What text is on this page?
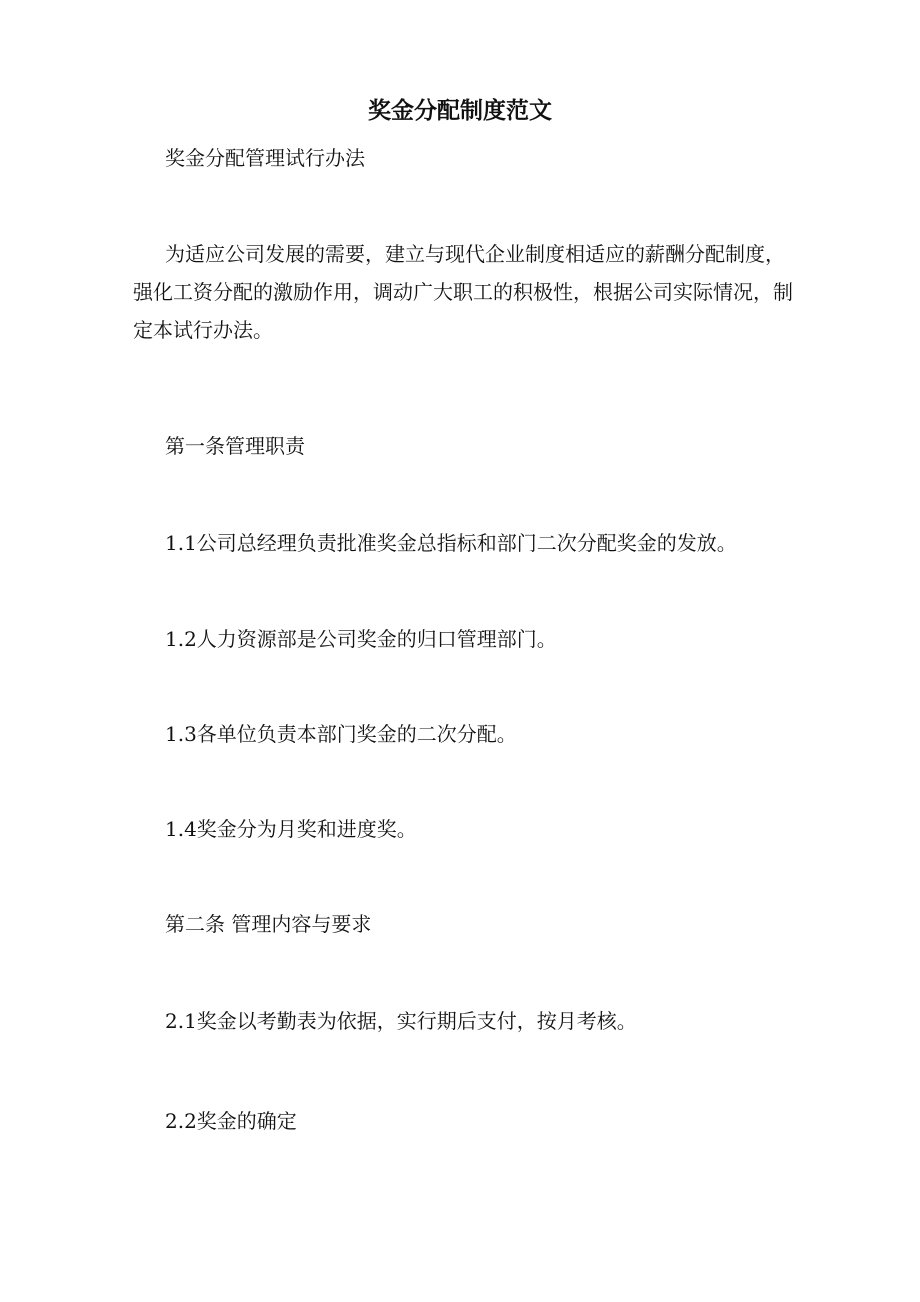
奖金分配制度范文

奖金分配管理试行办法

为适应公司发展的需要，建立与现代企业制度相适应的薪酬分配制度，强化工资分配的激励作用，调动广大职工的积极性，根据公司实际情况，制定本试行办法。

第一条管理职责

1.1公司总经理负责批准奖金总指标和部门二次分配奖金的发放。

1.2人力资源部是公司奖金的归口管理部门。

1.3各单位负责本部门奖金的二次分配。

1.4奖金分为月奖和进度奖。

第二条 管理内容与要求

2.1奖金以考勤表为依据，实行期后支付，按月考核。

2.2奖金的确定
